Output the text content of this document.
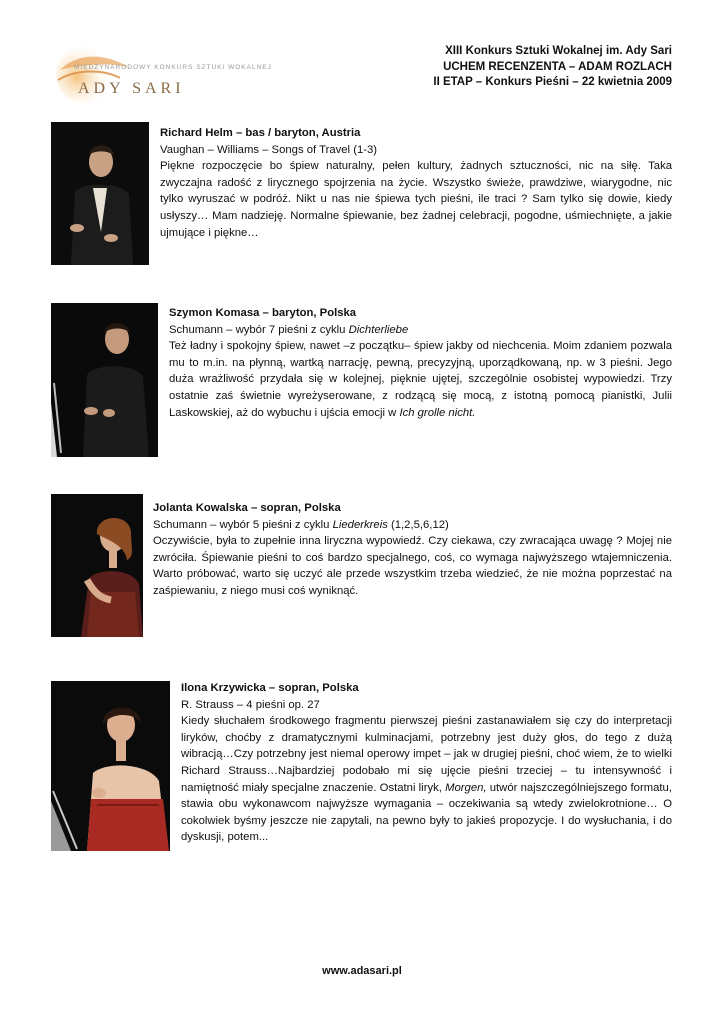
MIĘDZYNARODOWY KONKURS SZTUKI WOKALNEJ
ADY SARI
XIII Konkurs Sztuki Wokalnej im. Ady Sari
UCHEM RECENZENTA – ADAM ROZLACH
II ETAP – Konkurs Pieśni – 22 kwietnia 2009
Richard Helm – bas / baryton, Austria
Vaughan – Williams – Songs of Travel (1-3)
Piękne rozpoczęcie bo śpiew naturalny, pełen kultury, żadnych sztuczności, nic na siłę. Taka zwyczajna radość z lirycznego spojrzenia na życie. Wszystko świeże, prawdziwe, wiarygodne, nic tylko wyruszać w podróż. Nikt u nas nie śpiewa tych pieśni, ile traci ? Sam tylko się dowie, kiedy usłyszy… Mam nadzieję. Normalne śpiewanie, bez żadnej celebracji, pogodne, uśmiechnięte, a jakie ujmujące i piękne…
Szymon Komasa – baryton, Polska
Schumann – wybór 7 pieśni z cyklu Dichterliebe
Też ładny i spokojny śpiew, nawet –z początku– śpiew jakby od niechcenia. Moim zdaniem pozwala mu to m.in. na płynną, wartką narrację, pewną, precyzyjną, uporządkowaną, np. w 3 pieśni. Jego duża wrażliwość przydała się w kolejnej, pięknie ujętej, szczególnie osobistej wypowiedzi. Trzy ostatnie zaś świetnie wyreżyserowane, z rodzącą się mocą, z istotną pomocą pianistki, Julii Laskowskiej, aż do wybuchu i ujścia emocji w Ich grolle nicht.
Jolanta Kowalska – sopran, Polska
Schumann – wybór 5 pieśni z cyklu Liederkreis (1,2,5,6,12)
Oczywiście, była to zupełnie inna liryczna wypowiedź. Czy ciekawa, czy zwracająca uwagę ? Mojej nie zwróciła. Śpiewanie pieśni to coś bardzo specjalnego, coś, co wymaga najwyższego wtajemniczenia. Warto próbować, warto się uczyć ale przede wszystkim trzeba wiedzieć, że nie można poprzestać na zaśpiewaniu, z niego musi coś wyniknąć.
Ilona Krzywicka – sopran, Polska
R. Strauss – 4 pieśni op. 27
Kiedy słuchałem środkowego fragmentu pierwszej pieśni zastanawiałem się czy do interpretacji liryków, choćby z dramatycznymi kulminacjami, potrzebny jest duży głos, do tego z dużą wibracją…Czy potrzebny jest niemal operowy impet – jak w drugiej pieśni, choć wiem, że to wielki Richard Strauss…Najbardziej podobało mi się ujęcie pieśni trzeciej – tu intensywność i namiętność miały specjalne znaczenie. Ostatni liryk, Morgen, utwór najszczególniejszego formatu, stawia obu wykonawcom najwyższe wymagania – oczekiwania są wtedy zwielokrotnione… O cokolwiek byśmy jeszcze nie zapytali, na pewno były to jakieś propozycje. I do wysłuchania, i do dyskusji, potem...
www.adasari.pl
